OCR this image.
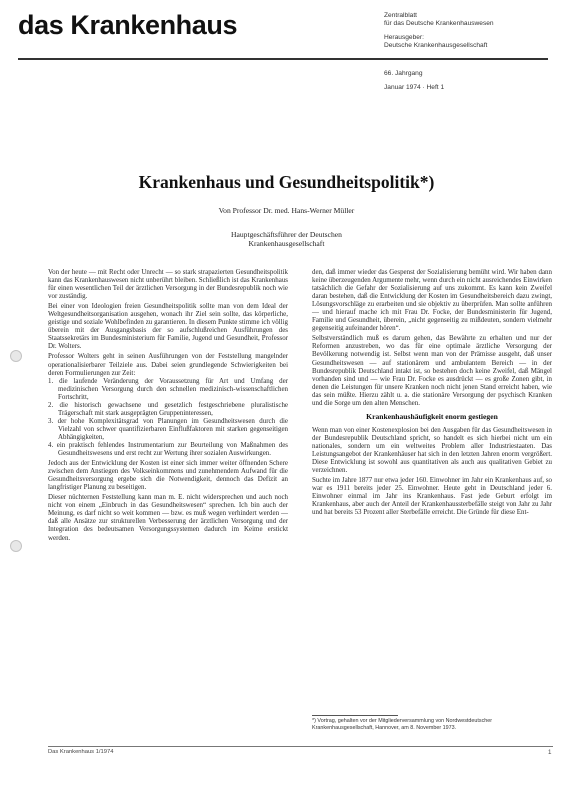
das Krankenhaus	Zentralblatt
für das Deutsche Krankenhauswesen
Herausgeber:
Deutsche Krankenhausgesellschaft
66. Jahrgang
Januar 1974 · Heft 1
Krankenhaus und Gesundheitspolitik*)
Von Professor Dr. med. Hans-Werner Müller
Hauptgeschäftsführer der Deutschen
Krankenhausgesellschaft

Von der heute — mit Recht oder Unrecht — so stark strapazierten Gesundheitspolitik kann das Krankenhauswesen nicht unberührt bleiben. Schließlich ist das Krankenhaus für einen wesentlichen Teil der ärztlichen Versorgung in der Bundesrepublik noch wie vor zuständig.

Bei einer von Ideologien freien Gesundheitspolitik sollte man von dem Ideal der Weltgesundheitsorganisation ausgehen, wonach ihr Ziel sein sollte, das körperliche, geistige und soziale Wohlbefinden zu garantieren. In diesem Punkte stimme ich völlig überein mit der Ausgangsbasis der so aufschlußreichen Ausführungen des Staatssekretärs im Bundesministerium für Familie, Jugend und Gesundheit, Professor Dr. Wolters.

Professor Wolters geht in seinen Ausführungen von der Feststellung mangelnder operationalisierbarer Teilziele aus. Dabei seien grundlegende Schwierigkeiten bei deren Formulierungen zur Zeit:

1. die laufende Veränderung der Voraussetzung für Art und Umfang der medizinischen Versorgung durch den schnellen medizinisch-wissenschaftlichen Fortschritt,
2. die historisch gewachsene und gesetzlich festgeschriebene pluralistische Trägerschaft mit stark ausgeprägten Gruppeninteressen,
3. der hohe Komplexitätsgrad von Planungen im Gesundheitswesen durch die Vielzahl von schwer quantifizierbaren Einflußfaktoren mit starken gegenseitigen Abhängigkeiten,
4. ein praktisch fehlendes Instrumentarium zur Beurteilung von Maßnahmen des Gesundheitswesens und erst recht zur Wertung ihrer sozialen Auswirkungen.

Jedoch aus der Entwicklung der Kosten ist einer sich immer weiter öffnenden Schere zwischen dem Anstiegen des Volkseinkommens und zunehmendem Aufwand für die Gesundheitsversorgung ergebe sich die Notwendigkeit, dennoch das Defizit an langfristiger Planung zu beseitigen.

Dieser nüchternen Feststellung kann man m. E. nicht widersprechen und auch noch nicht von einem „Einbruch in das Gesundheitswesen“ sprechen. Ich bin auch der Meinung, es darf nicht so weit kommen — bzw. es muß wegen verhindert werden — daß alle Ansätze zur strukturellen Verbesserung der ärztlichen Versorgung und der Integration des bedeutsamen Versorgungssystemen dadurch im Keime erstickt werden.

den, daß immer wieder das Gespenst der Sozialisierung bemüht wird. Wir haben dann keine überzeugenden Argumente mehr, wenn durch ein nicht ausreichendes Einwirken tatsächlich die Gefahr der Sozialisierung auf uns zukommt. Es kann kein Zweifel daran bestehen, daß die Entwicklung der Kosten im Gesundheitsbereich dazu zwingt, Lösungsvorschläge zu erarbeiten und sie objektiv zu überprüfen. Man sollte anführen — und hierauf mache ich mit Frau Dr. Focke, der Bundesministerin für Jugend, Familie und Gesundheit, überein, „nicht gegenseitig zu mißdeuten, sondern vielmehr gegenseitig aufeinander hören“.

Selbstverständlich muß es darum gehen, das Bewährte zu erhalten und nur der Reformen anzustreben, wo das für eine optimale ärztliche Versorgung der Bevölkerung notwendig ist. Selbst wenn man von der Prämisse ausgeht, daß unser Gesundheitswesen — auf stationärem und ambulantem Bereich — in der Bundesrepublik Deutschland intakt ist, so bestehen doch keine Zweifel, daß Mängel vorhanden sind und — wie Frau Dr. Focke es ausdrückt — es große Zonen gibt, in denen die Leistungen für unsere Kranken noch nicht jenen Stand erreicht haben, wie das sein müßte. Hierzu zählt u. a. die stationäre Versorgung der psychisch Kranken und die Sorge um den alten Menschen.

Krankenhaushäufigkeit enorm gestiegen

Wenn man von einer Kostenexplosion bei den Ausgaben für das Gesundheitswesen in der Bundesrepublik Deutschland spricht, so handelt es sich hierbei nicht um ein nationales, sondern um ein weltweites Problem aller Industriestaaten. Das Leistungsangebot der Krankenhäuser hat sich in den letzten Jahren enorm vergrößert. Diese Entwicklung ist sowohl aus quantitativen als auch aus qualitativen Gebiet zu verzeichnen.

Suchte im Jahre 1877 nur etwa jeder 160. Einwohner im Jahr ein Krankenhaus auf, so war es 1911 bereits jeder 25. Einwohner. Heute geht in Deutschland jeder 6. Einwohner einmal im Jahr ins Krankenhaus. Fast jede Geburt erfolgt im Krankenhaus, aber auch der Anteil der Krankenhaussterbefälle steigt von Jahr zu Jahr und hat bereits 53 Prozent aller Sterbefälle erreicht. Die Gründe für diese Ent-

*) Vortrag, gehalten vor der Mitgliederversammlung von Nordwestdeutscher Krankenhausgesellschaft, Hannover, am 8. November 1973.
Das Krankenhaus 1/1974	1
